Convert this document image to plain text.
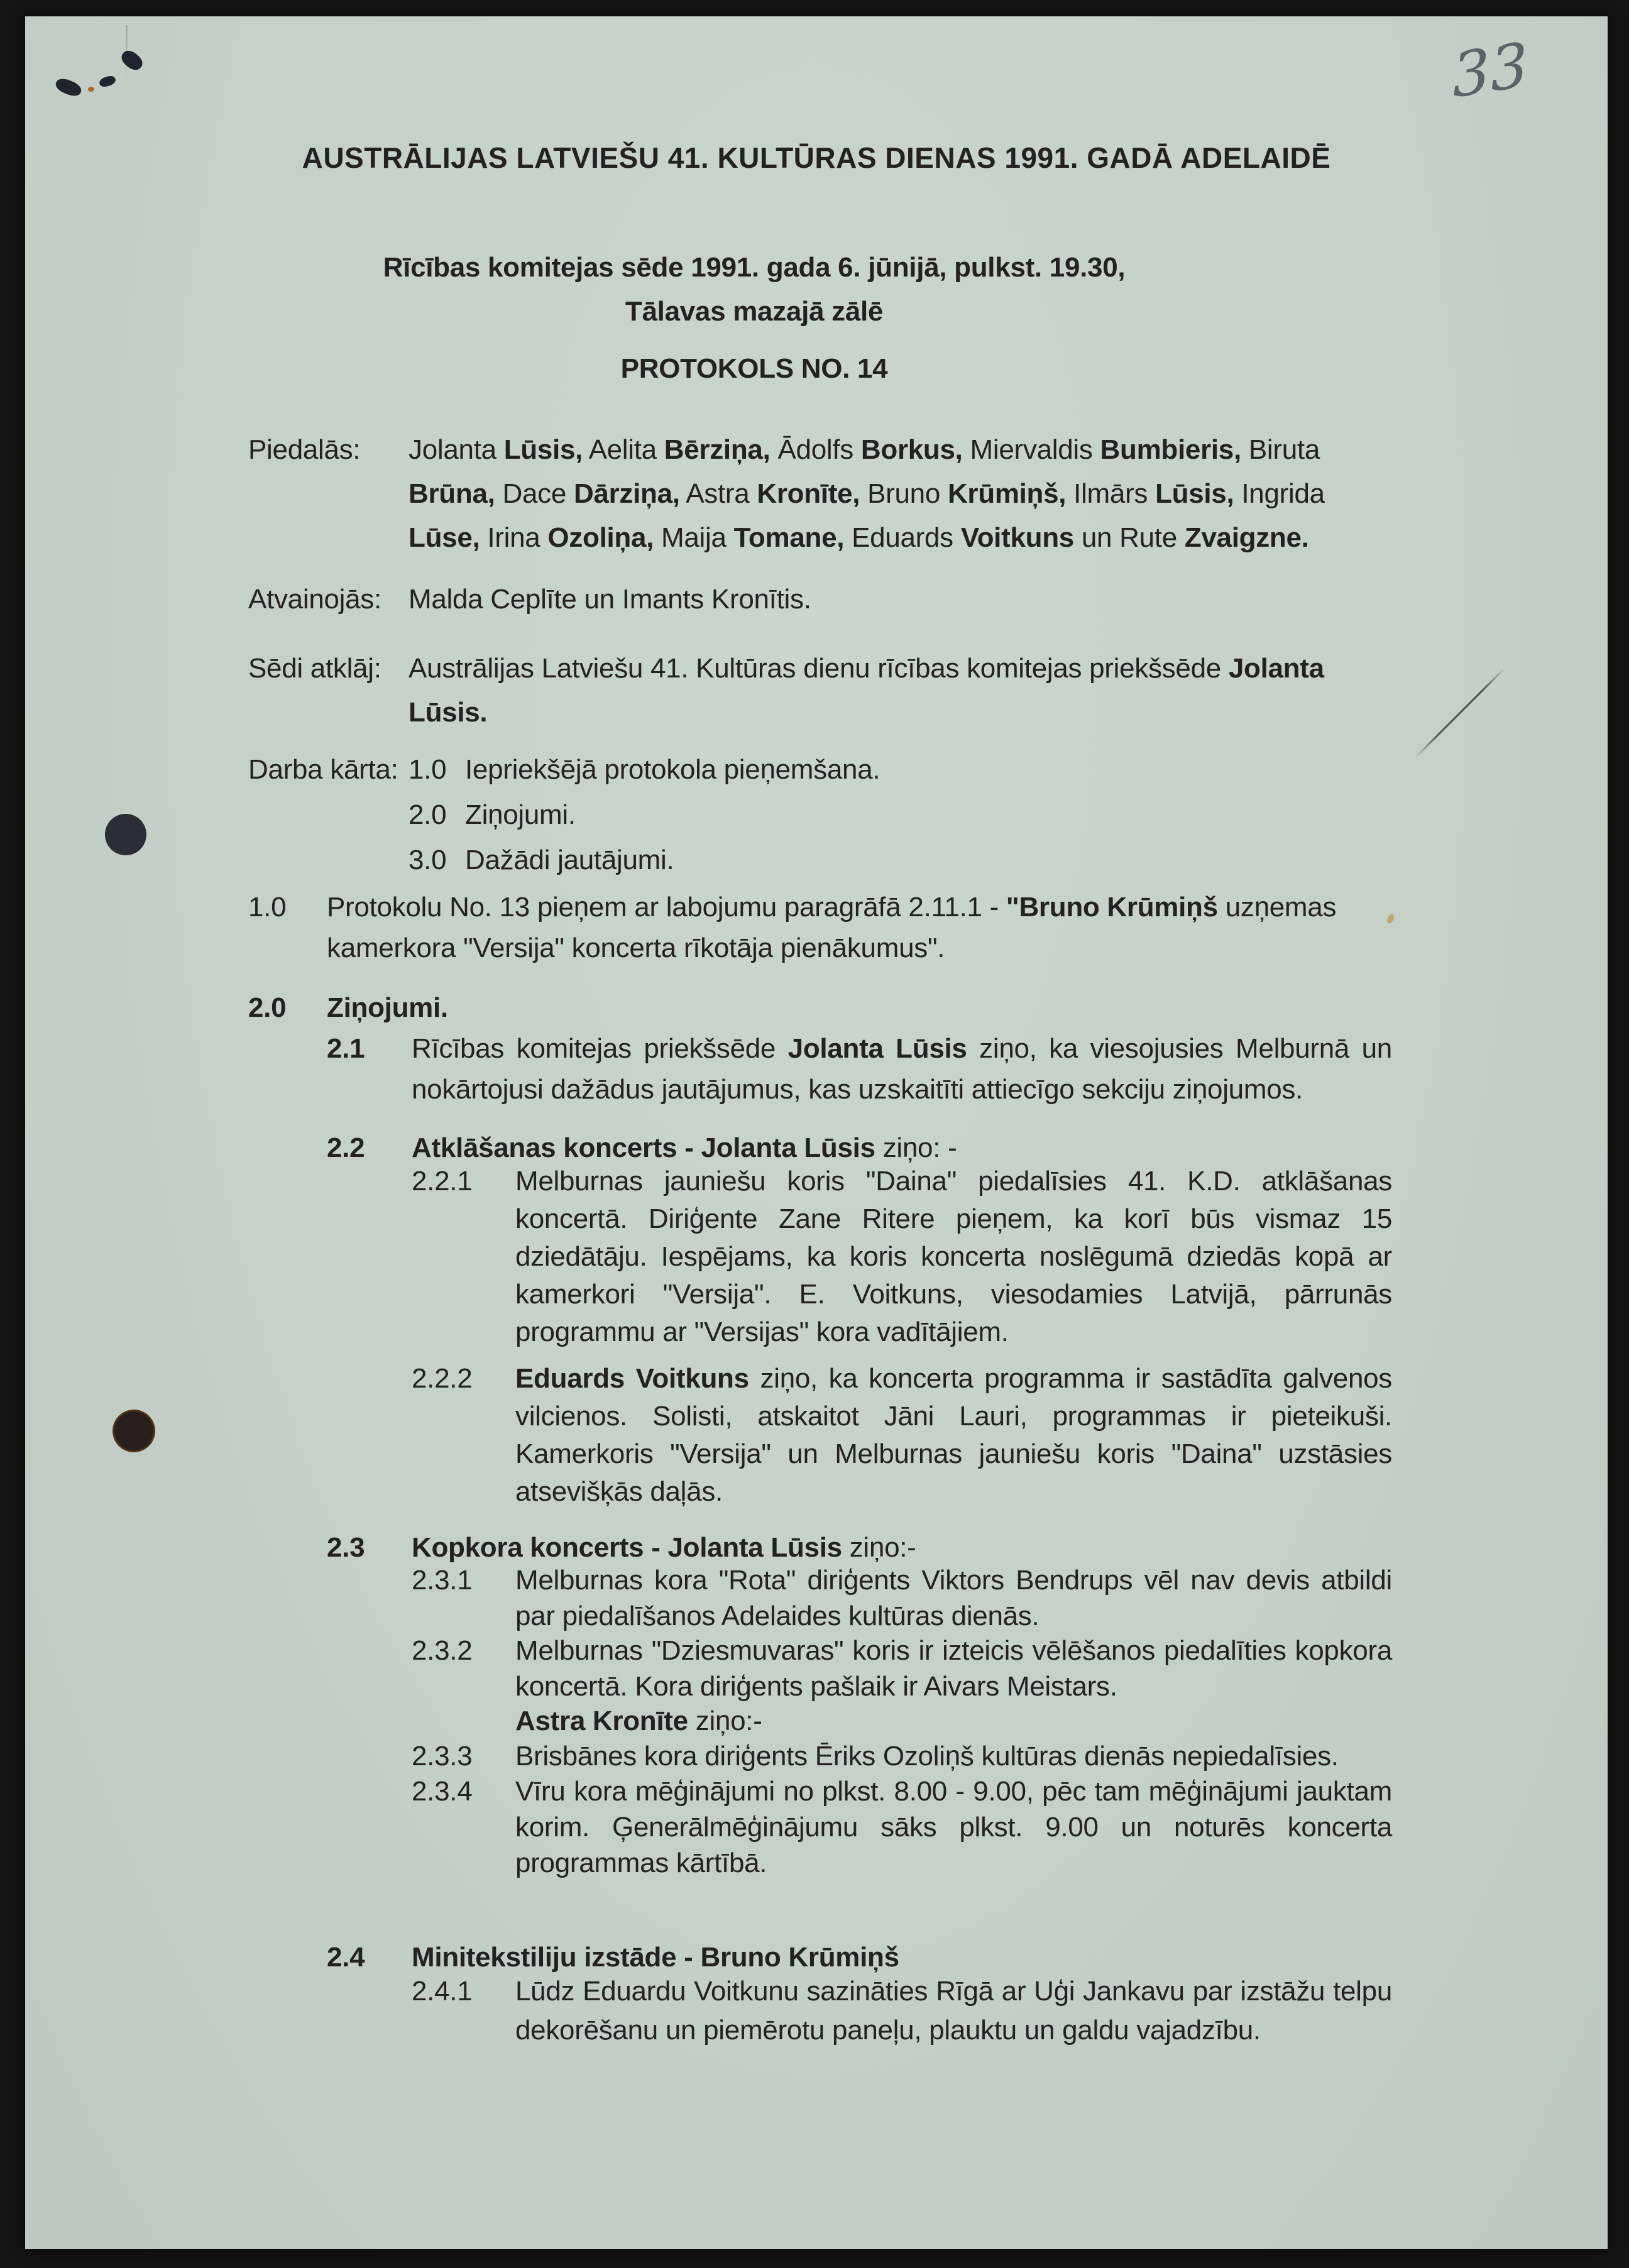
33
AUSTRĀLIJAS LATVIEŠU 41. KULTŪRAS DIENAS 1991. GADĀ ADELAIDĒ
Rīcības komitejas sēde 1991. gada 6. jūnijā, pulkst. 19.30,
Tālavas mazajā zālē
PROTOKOLS NO. 14
Piedalās:	Jolanta Lūsis, Aelita Bērziņa, Ādolfs Borkus, Miervaldis Bumbieris, Biruta Brūna, Dace Dārziņa, Astra Kronīte, Bruno Krūmiņš, Ilmārs Lūsis, Ingrida Lūse, Irina Ozoliņa, Maija Tomane, Eduards Voitkuns un Rute Zvaigzne.
Atvainojās: Malda Ceplīte un Imants Kronītis.
Sēdi atklāj: Austrālijas Latviešu 41. Kultūras dienu rīcības komitejas priekšsēde Jolanta Lūsis.
Darba kārta: 1.0 Iepriekšējā protokola pieņemšana.
2.0 Ziņojumi.
3.0 Dažādi jautājumi.
1.0	Protokolu No. 13 pieņem ar labojumu paragrāfā 2.11.1 - "Bruno Krūmiņš uzņemas kamerkora "Versija" koncerta rīkotāja pienākumus".
2.0	Ziņojumi.
2.1	Rīcības komitejas priekšsēde Jolanta Lūsis ziņo, ka viesojusies Melburnā un nokārtojusi dažādus jautājumus, kas uzskaitīti attiecīgo sekciju ziņojumos.
2.2	Atklāšanas koncerts - Jolanta Lūsis ziņo: -
2.2.1	Melburnas jauniešu koris "Daina" piedalīsies 41. K.D. atklāšanas koncertā. Diriģente Zane Ritere pieņem, ka korī būs vismaz 15 dziedātāju. Iespējams, ka koris koncerta noslēgumā dziedās kopā ar kamerkori "Versija". E. Voitkuns, viesodamies Latvijā, pārrunās programmu ar "Versijas" kora vadītājiem.
2.2.2	Eduards Voitkuns ziņo, ka koncerta programma ir sastādīta galvenos vilcienos. Solisti, atskaitot Jāni Lauri, programmas ir pieteikuši. Kamerkoris "Versija" un Melburnas jauniešu koris "Daina" uzstāsies atsevišķās daļās.
2.3	Kopkora koncerts - Jolanta Lūsis ziņo:-
2.3.1	Melburnas kora "Rota" diriģents Viktors Bendrups vēl nav devis atbildi par piedalīšanos Adelaides kultūras dienās.
2.3.2	Melburnas "Dziesmuvaras" koris ir izteicis vēlēšanos piedalīties kopkora koncertā. Kora diriģents pašlaik ir Aivars Meistars.
Astra Kronīte ziņo:-
2.3.3	Brisbānes kora diriģents Ēriks Ozoliņš kultūras dienās nepiedalīsies.
2.3.4	Vīru kora mēģinājumi no plkst. 8.00 - 9.00, pēc tam mēģinājumi jauktam korim. Ģenerālmēģinājumu sāks plkst. 9.00 un noturēs koncerta programmas kārtībā.
2.4	Minitekstiliju izstāde - Bruno Krūmiņš
2.4.1	Lūdz Eduardu Voitkunu sazināties Rīgā ar Uģi Jankavu par izstāžu telpu dekorēšanu un piemērotu paneļu, plauktu un galdu vajadzību.
